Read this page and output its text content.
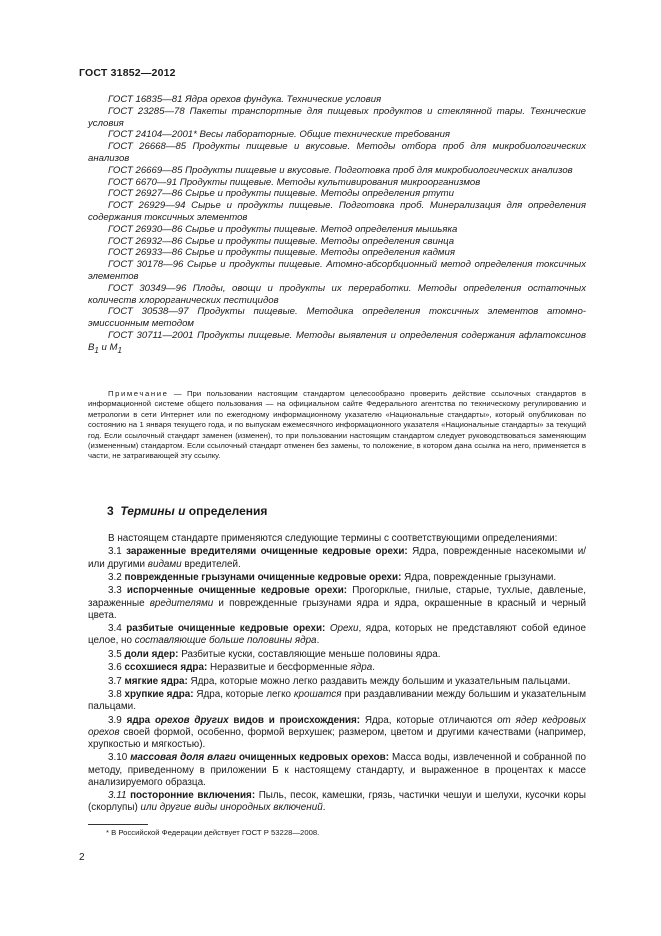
ГОСТ 31852—2012

ГОСТ 16835—81 Ядра орехов фундука. Технические условия

ГОСТ 23285—78 Пакеты транспортные для пищевых продуктов и стеклянной тары. Технические условия

ГОСТ 24104—2001* Весы лабораторные. Общие технические требования

ГОСТ 26668—85 Продукты пищевые и вкусовые. Методы отбора проб для микробиологических анализов

ГОСТ 26669—85 Продукты пищевые и вкусовые. Подготовка проб для микробиологических анализов

ГОСТ 6670—91 Продукты пищевые. Методы культивирования микроорганизмов

ГОСТ 26927—86 Сырье и продукты пищевые. Методы определения ртути

ГОСТ 26929—94 Сырье и продукты пищевые. Подготовка проб. Минерализация для определения содержания токсичных элементов

ГОСТ 26930—86 Сырье и продукты пищевые. Метод определения мышьяка

ГОСТ 26932—86 Сырье и продукты пищевые. Методы определения свинца

ГОСТ 26933—86 Сырье и продукты пищевые. Методы определения кадмия

ГОСТ 30178—96 Сырье и продукты пищевые. Атомно-абсорбционный метод определения токсичных элементов

ГОСТ 30349—96 Плоды, овощи и продукты их переработки. Методы определения остаточных количеств хлорорганических пестицидов

ГОСТ 30538—97 Продукты пищевые. Методика определения токсичных элементов атомно-эмиссионным методом

ГОСТ 30711—2001 Продукты пищевые. Методы выявления и определения содержания афлатоксинов $B_1$ и $M_1$

Примечание — При пользовании настоящим стандартом целесообразно проверить действие ссылочных стандартов в информационной системе общего пользования — на официальном сайте Федерального агентства по техническому регулированию и метрологии в сети Интернет или по ежегодному информационному указателю «Национальные стандарты», который опубликован по состоянию на 1 января текущего года, и по выпускам ежемесячного информационного указателя «Национальные стандарты» за текущий год. Если ссылочный стандарт заменен (изменен), то при пользовании настоящим стандартом следует руководствоваться заменяющим (измененным) стандартом. Если ссылочный стандарт отменен без замены, то положение, в котором дана ссылка на него, применяется в части, не затрагивающей эту ссылку.

3 Термины и определения

В настоящем стандарте применяются следующие термины с соответствующими определениями:

3.1 зараженные вредителями очищенные кедровые орехи: Ядра, поврежденные насекомыми и/или другими видами вредителей.

3.2 поврежденные грызунами очищенные кедровые орехи: Ядра, поврежденные грызунами.

3.3 испорченные очищенные кедровые орехи: Прогорклые, гнилые, старые, тухлые, давленые, зараженные вредителями и поврежденные грызунами ядра и ядра, окрашенные в красный и черный цвета.

3.4 разбитые очищенные кедровые орехи: Орехи, ядра, которых не представляют собой единое целое, но составляющие больше половины ядра.

3.5 доли ядер: Разбитые куски, составляющие меньше половины ядра.

3.6 ссохшиеся ядра: Неразвитые и бесформенные ядра.

3.7 мягкие ядра: Ядра, которые можно легко раздавить между большим и указательным пальцами.

3.8 хрупкие ядра: Ядра, которые легко крошатся при раздавливании между большим и указательным пальцами.

3.9 ядра орехов других видов и происхождения: Ядра, которые отличаются от ядер кедровых орехов своей формой, особенно, формой верхушек; размером, цветом и другими качествами (например, хрупкостью и мягкостью).

3.10 массовая доля влаги очищенных кедровых орехов: Масса воды, извлеченной и собранной по методу, приведенному в приложении Б к настоящему стандарту, и выраженное в процентах к массе анализируемого образца.

3.11 посторонние включения: Пыль, песок, камешки, грязь, частички чешуи и шелухи, кусочки коры (скорлупы) или другие виды инородных включений.

* В Российской Федерации действует ГОСТ Р 53228—2008.

2
